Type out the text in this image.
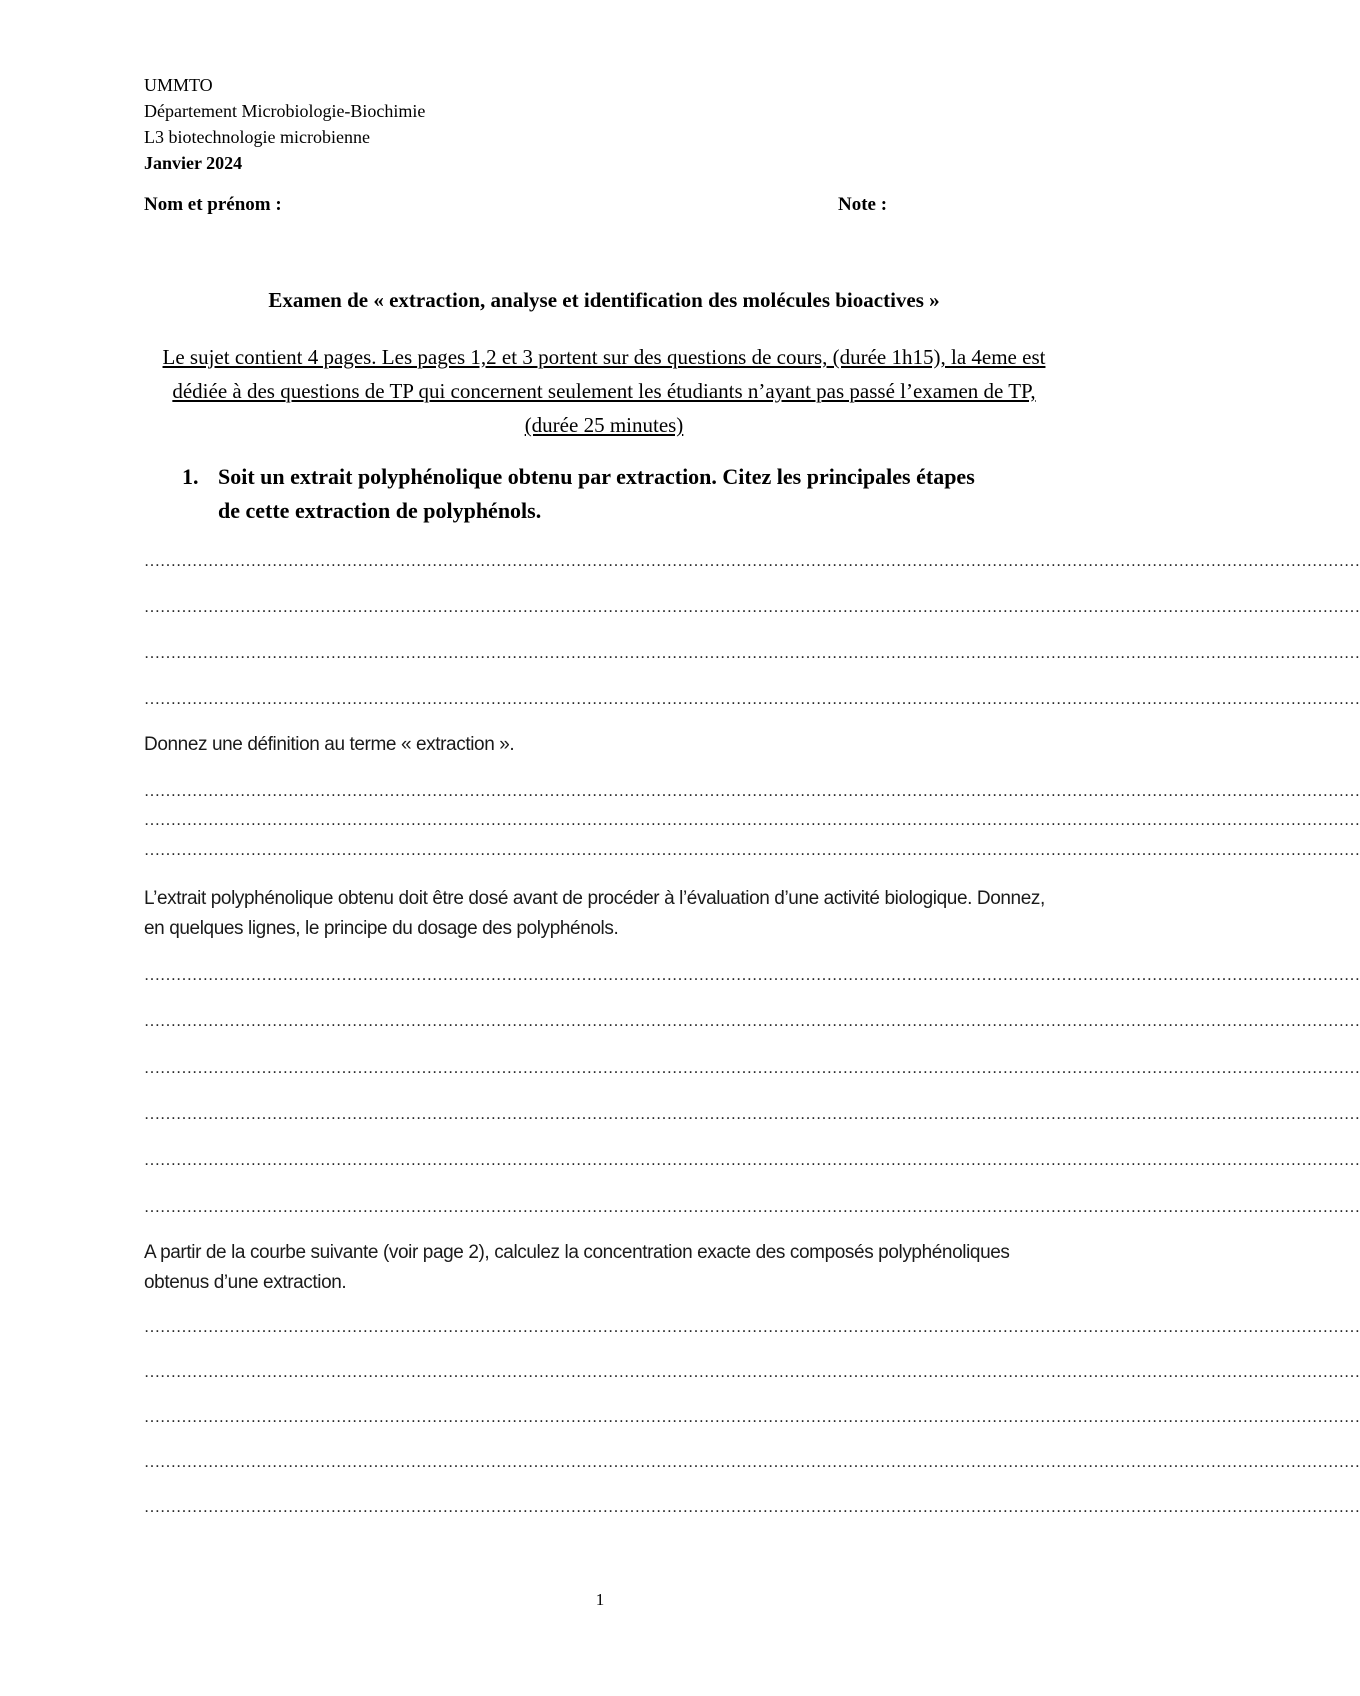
UMMTO
Département Microbiologie-Biochimie
L3 biotechnologie microbienne
Janvier 2024
Nom et prénom :	Note :
Examen de « extraction, analyse et identification des molécules bioactives »
Le sujet contient 4 pages. Les pages 1,2 et 3 portent sur des questions de cours, (durée 1h15), la 4eme est dédiée à des questions de TP qui concernent seulement les étudiants n’ayant pas passé l’examen de TP, (durée 25 minutes)
1. Soit un extrait polyphénolique obtenu par extraction. Citez les principales étapes de cette extraction de polyphénols.
…………………………………………………………………………………………………………………………………………………………………………………………………………
…………………………………………………………………………………………………………………………………………………………………………………………………………
…………………………………………………………………………………………………………………………………………………………………………………………………………
…………………………………………………………………………………………………………………………………………………………………………………………………………
Donnez une définition au terme « extraction ».
…………………………………………………………………………………………………………………………………………………………………………………………………………
…………………………………………………………………………………………………………………………………………………………………………………………………………
…………………………………………………………………………………………………………………………………………………………………………………………………………
L’extrait polyphénolique obtenu doit être dosé avant de procéder à l’évaluation d’une activité biologique. Donnez, en quelques lignes, le principe du dosage des polyphénols.
…………………………………………………………………………………………………………………………………………………………………………………………………………
…………………………………………………………………………………………………………………………………………………………………………………………………………
…………………………………………………………………………………………………………………………………………………………………………………………………………
…………………………………………………………………………………………………………………………………………………………………………………………………………
…………………………………………………………………………………………………………………………………………………………………………………………………………
…………………………………………………………………………………………………………………………………………………………………………………………………………
A partir de la courbe suivante (voir page 2), calculez la concentration exacte des composés polyphénoliques obtenus d’une extraction.
…………………………………………………………………………………………………………………………………………………………………………………………………………
…………………………………………………………………………………………………………………………………………………………………………………………………………
…………………………………………………………………………………………………………………………………………………………………………………………………………
…………………………………………………………………………………………………………………………………………………………………………………………………………
…………………………………………………………………………………………………………………………………………………………………………………………………………
1
